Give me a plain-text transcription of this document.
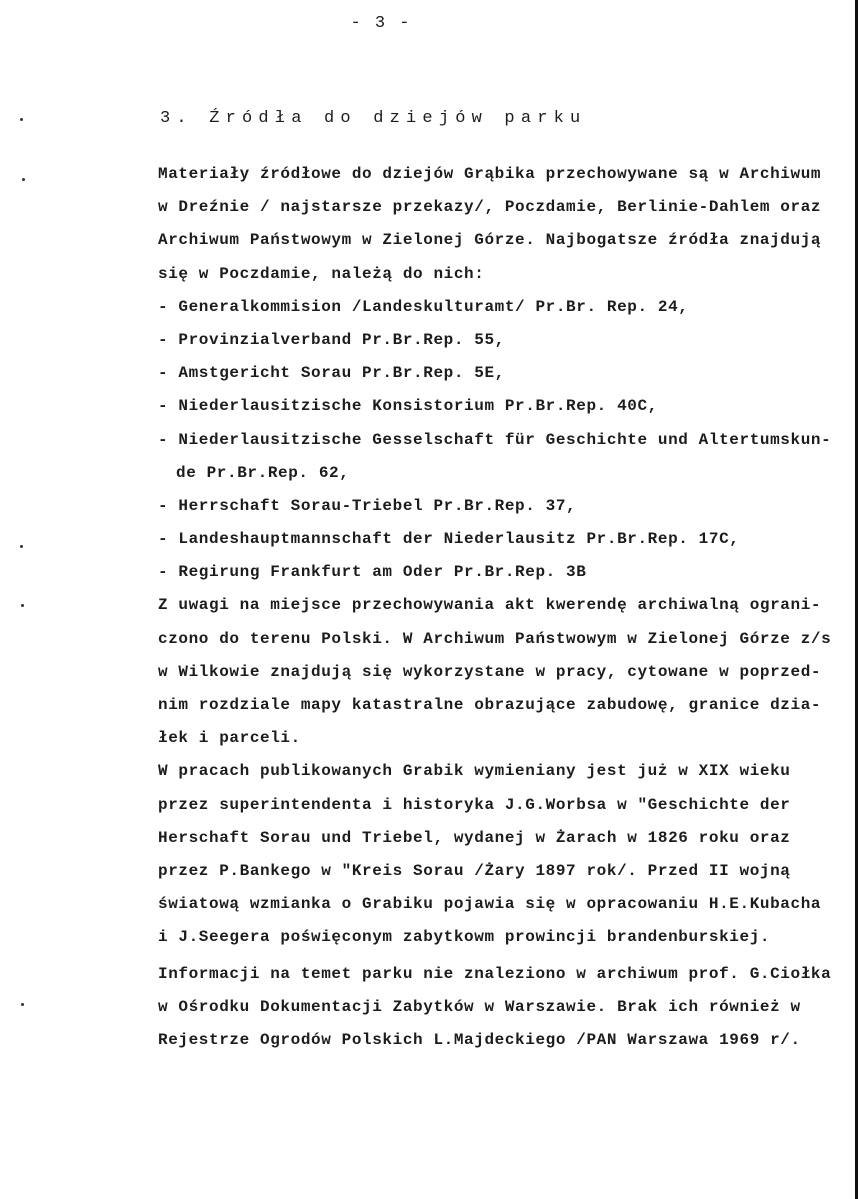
- 3 -
3. Źródła do dziejów parku
Materiały źródłowe do dziejów Grąbika przechowywane są w Archiwum
w Dreźnie / najstarsze przekazy/, Poczdamie, Berlinie-Dahlem oraz
Archiwum Państwowym w Zielonej Górze. Najbogatsze źródła znajdują
się w Poczdamie, należą do nich:
- Generalkommision /Landeskulturamt/ Pr.Br. Rep. 24,
- Provinzialverband Pr.Br.Rep. 55,
- Amstgericht Sorau Pr.Br.Rep. 5E,
- Niederlausitzische Konsistorium Pr.Br.Rep. 40C,
- Niederlausitzische Gesselschaft für Geschichte und Altertumskun-
de Pr.Br.Rep. 62,
- Herrschaft Sorau-Triebel Pr.Br.Rep. 37,
- Landeshauptmannschaft der Niederlausitz Pr.Br.Rep. 17C,
- Regirung Frankfurt am Oder Pr.Br.Rep. 3B
Z uwagi na miejsce przechowywania akt kwerendę archiwalną ograni-
czono do terenu Polski. W Archiwum Państwowym w Zielonej Górze z/s
w Wilkowie znajdują się wykorzystane w pracy, cytowane w poprzed-
nim rozdziale mapy katastralne obrazujące zabudowę, granice dzia-
łek i parceli.
W pracach publikowanych Grabik wymieniany jest już w XIX wieku
przez superintendenta i historyka J.G.Worbsa w "Geschichte der
Herschaft Sorau und Triebel, wydanej w Żarach w 1826 roku oraz
przez P.Bankego w "Kreis Sorau /Żary 1897 rok/. Przed II wojną
światową wzmianka o Grabiku pojawia się w opracowaniu H.E.Kubacha
i J.Seegera poświęconym zabytkowm prowincji brandenburskiej.
Informacji na temet parku nie znaleziono w archiwum prof. G.Ciołka
w Ośrodku Dokumentacji Zabytków w Warszawie. Brak ich również w
Rejestrze Ogrodów Polskich L.Majdeckiego /PAN Warszawa 1969 r/.
